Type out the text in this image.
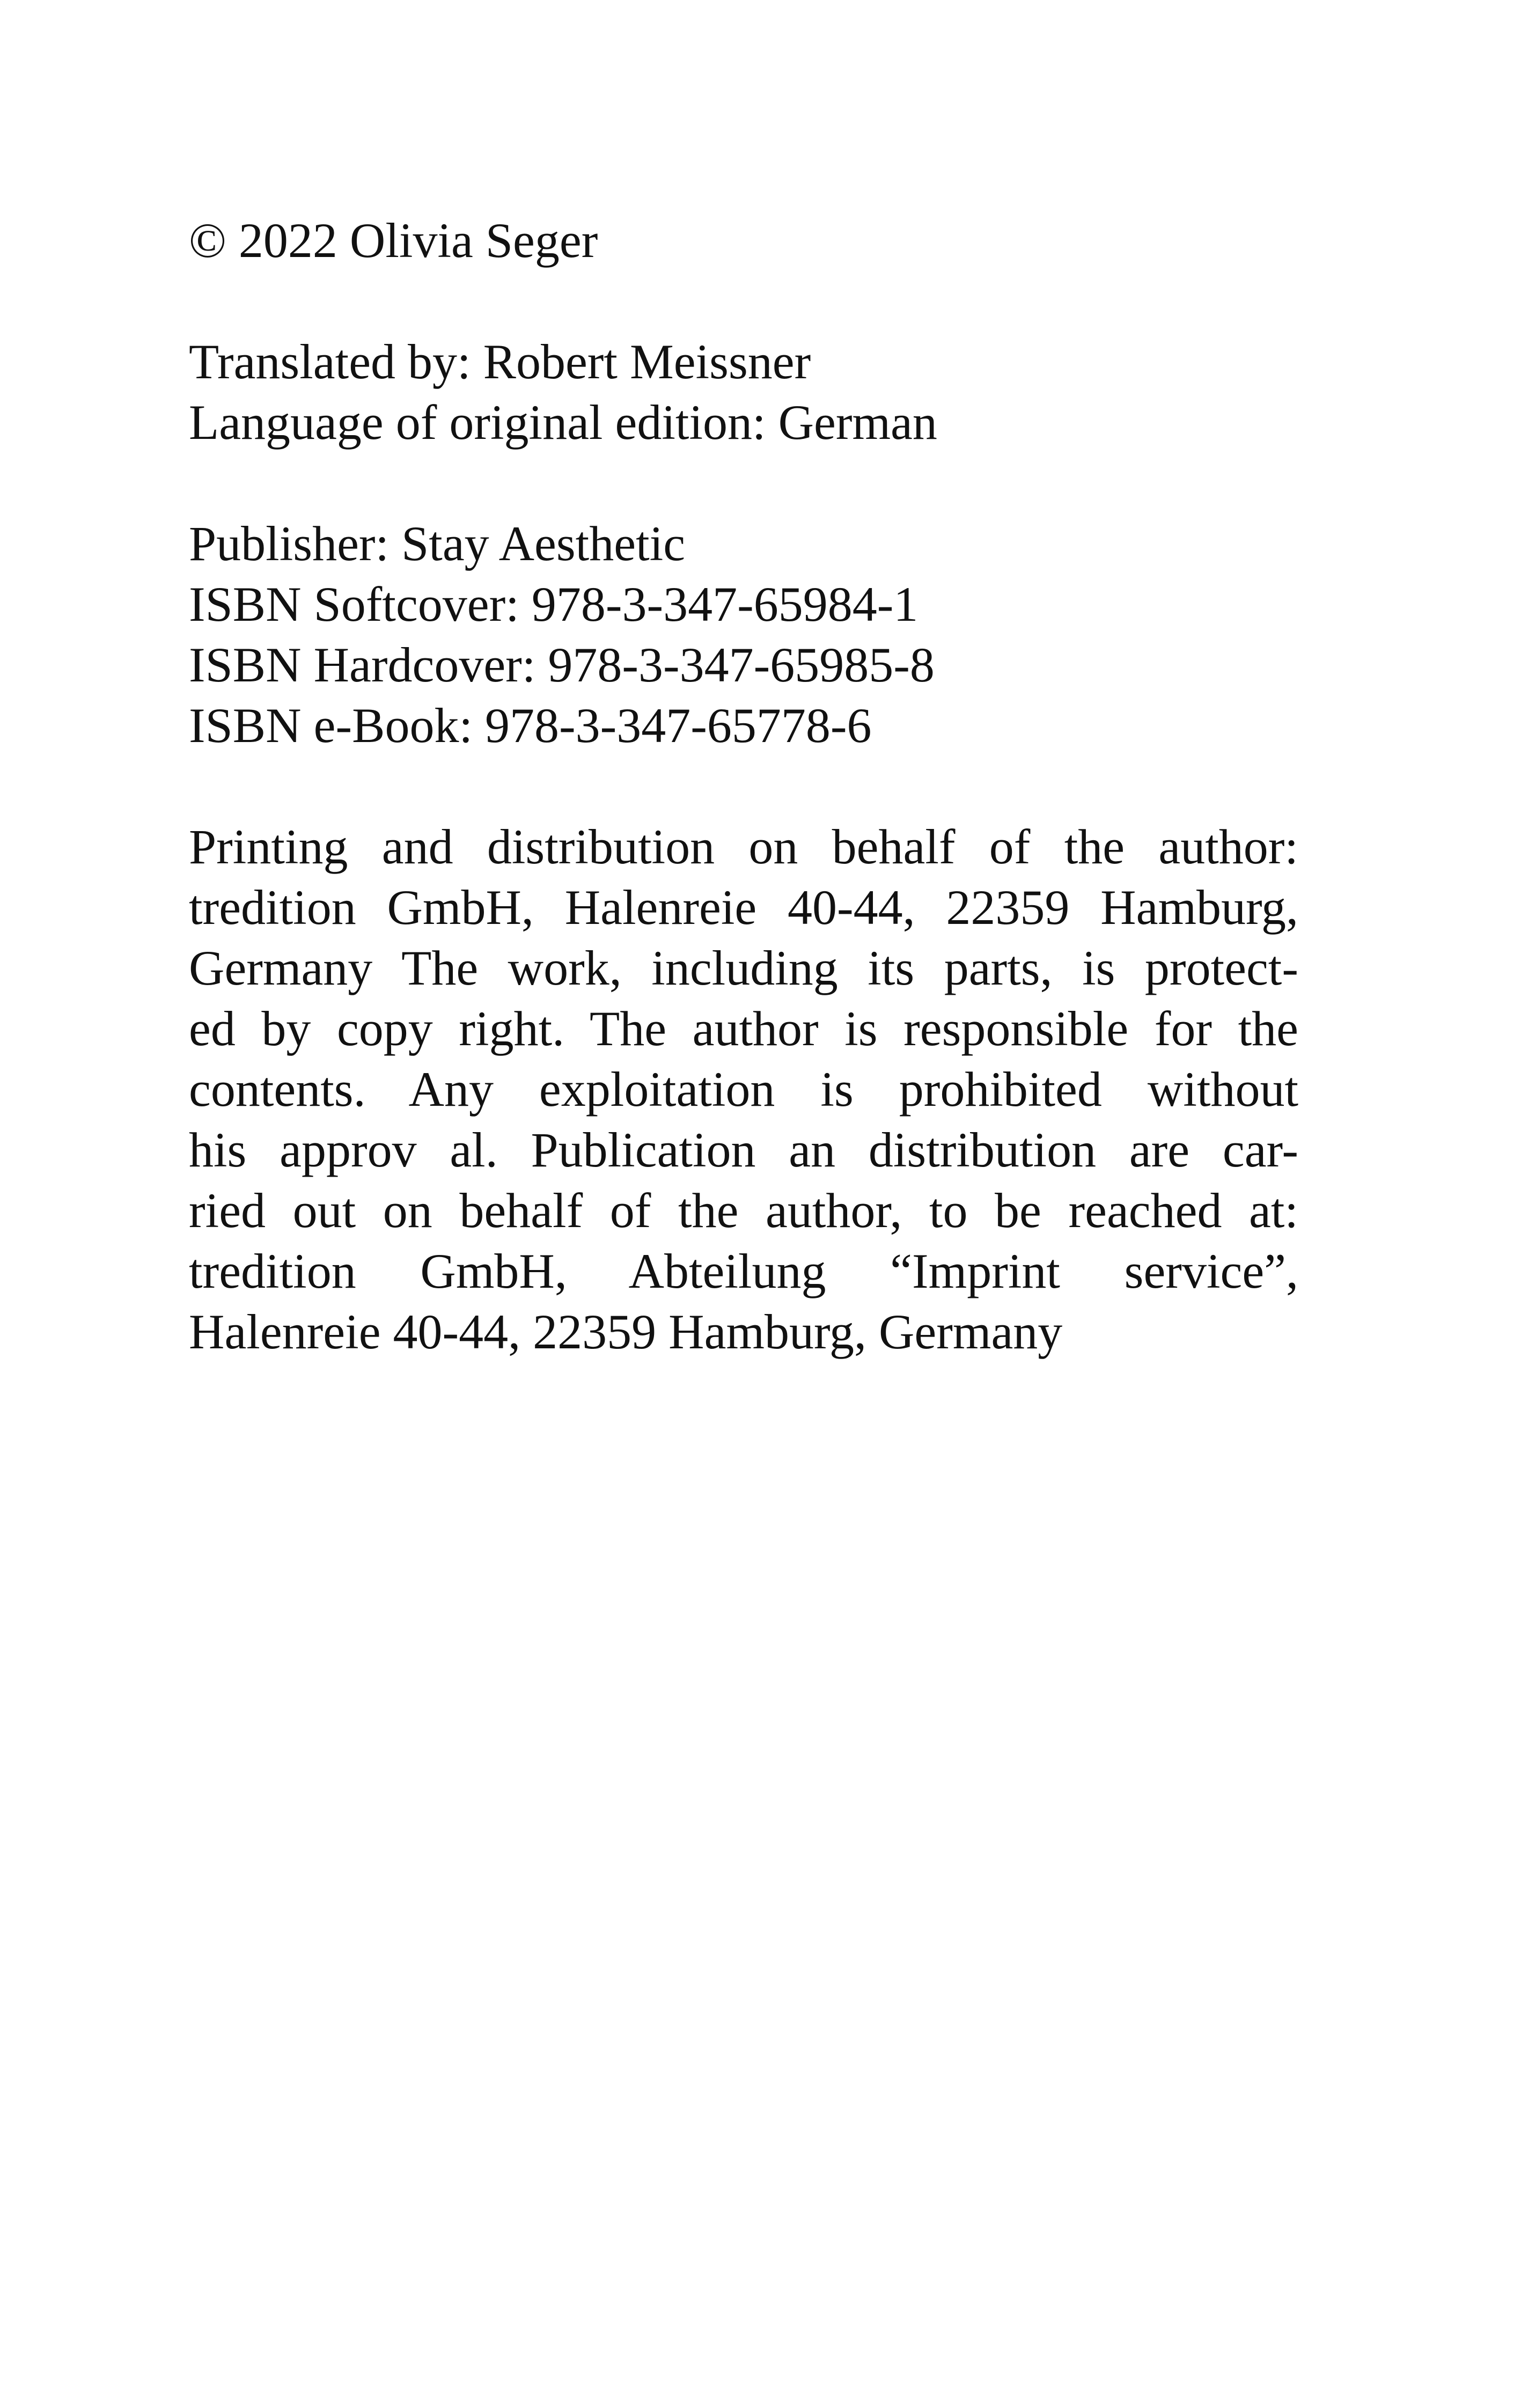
© 2022 Olivia Seger
Translated by: Robert Meissner
Language of original edition: German
Publisher: Stay Aesthetic
ISBN Softcover: 978-3-347-65984-1
ISBN Hardcover: 978-3-347-65985-8
ISBN e-Book: 978-3-347-65778-6
Printing and distribution on behalf of the author:
tredition GmbH, Halenreie 40-44, 22359 Hamburg,
Germany The work, including its parts, is protect-
ed by copy right. The author is responsible for the
contents. Any exploitation is prohibited without
his approv al. Publication an distribution are car-
ried out on behalf of the author, to be reached at:
tredition GmbH, Abteilung “Imprint service”,
Halenreie 40-44, 22359 Hamburg, Germany
